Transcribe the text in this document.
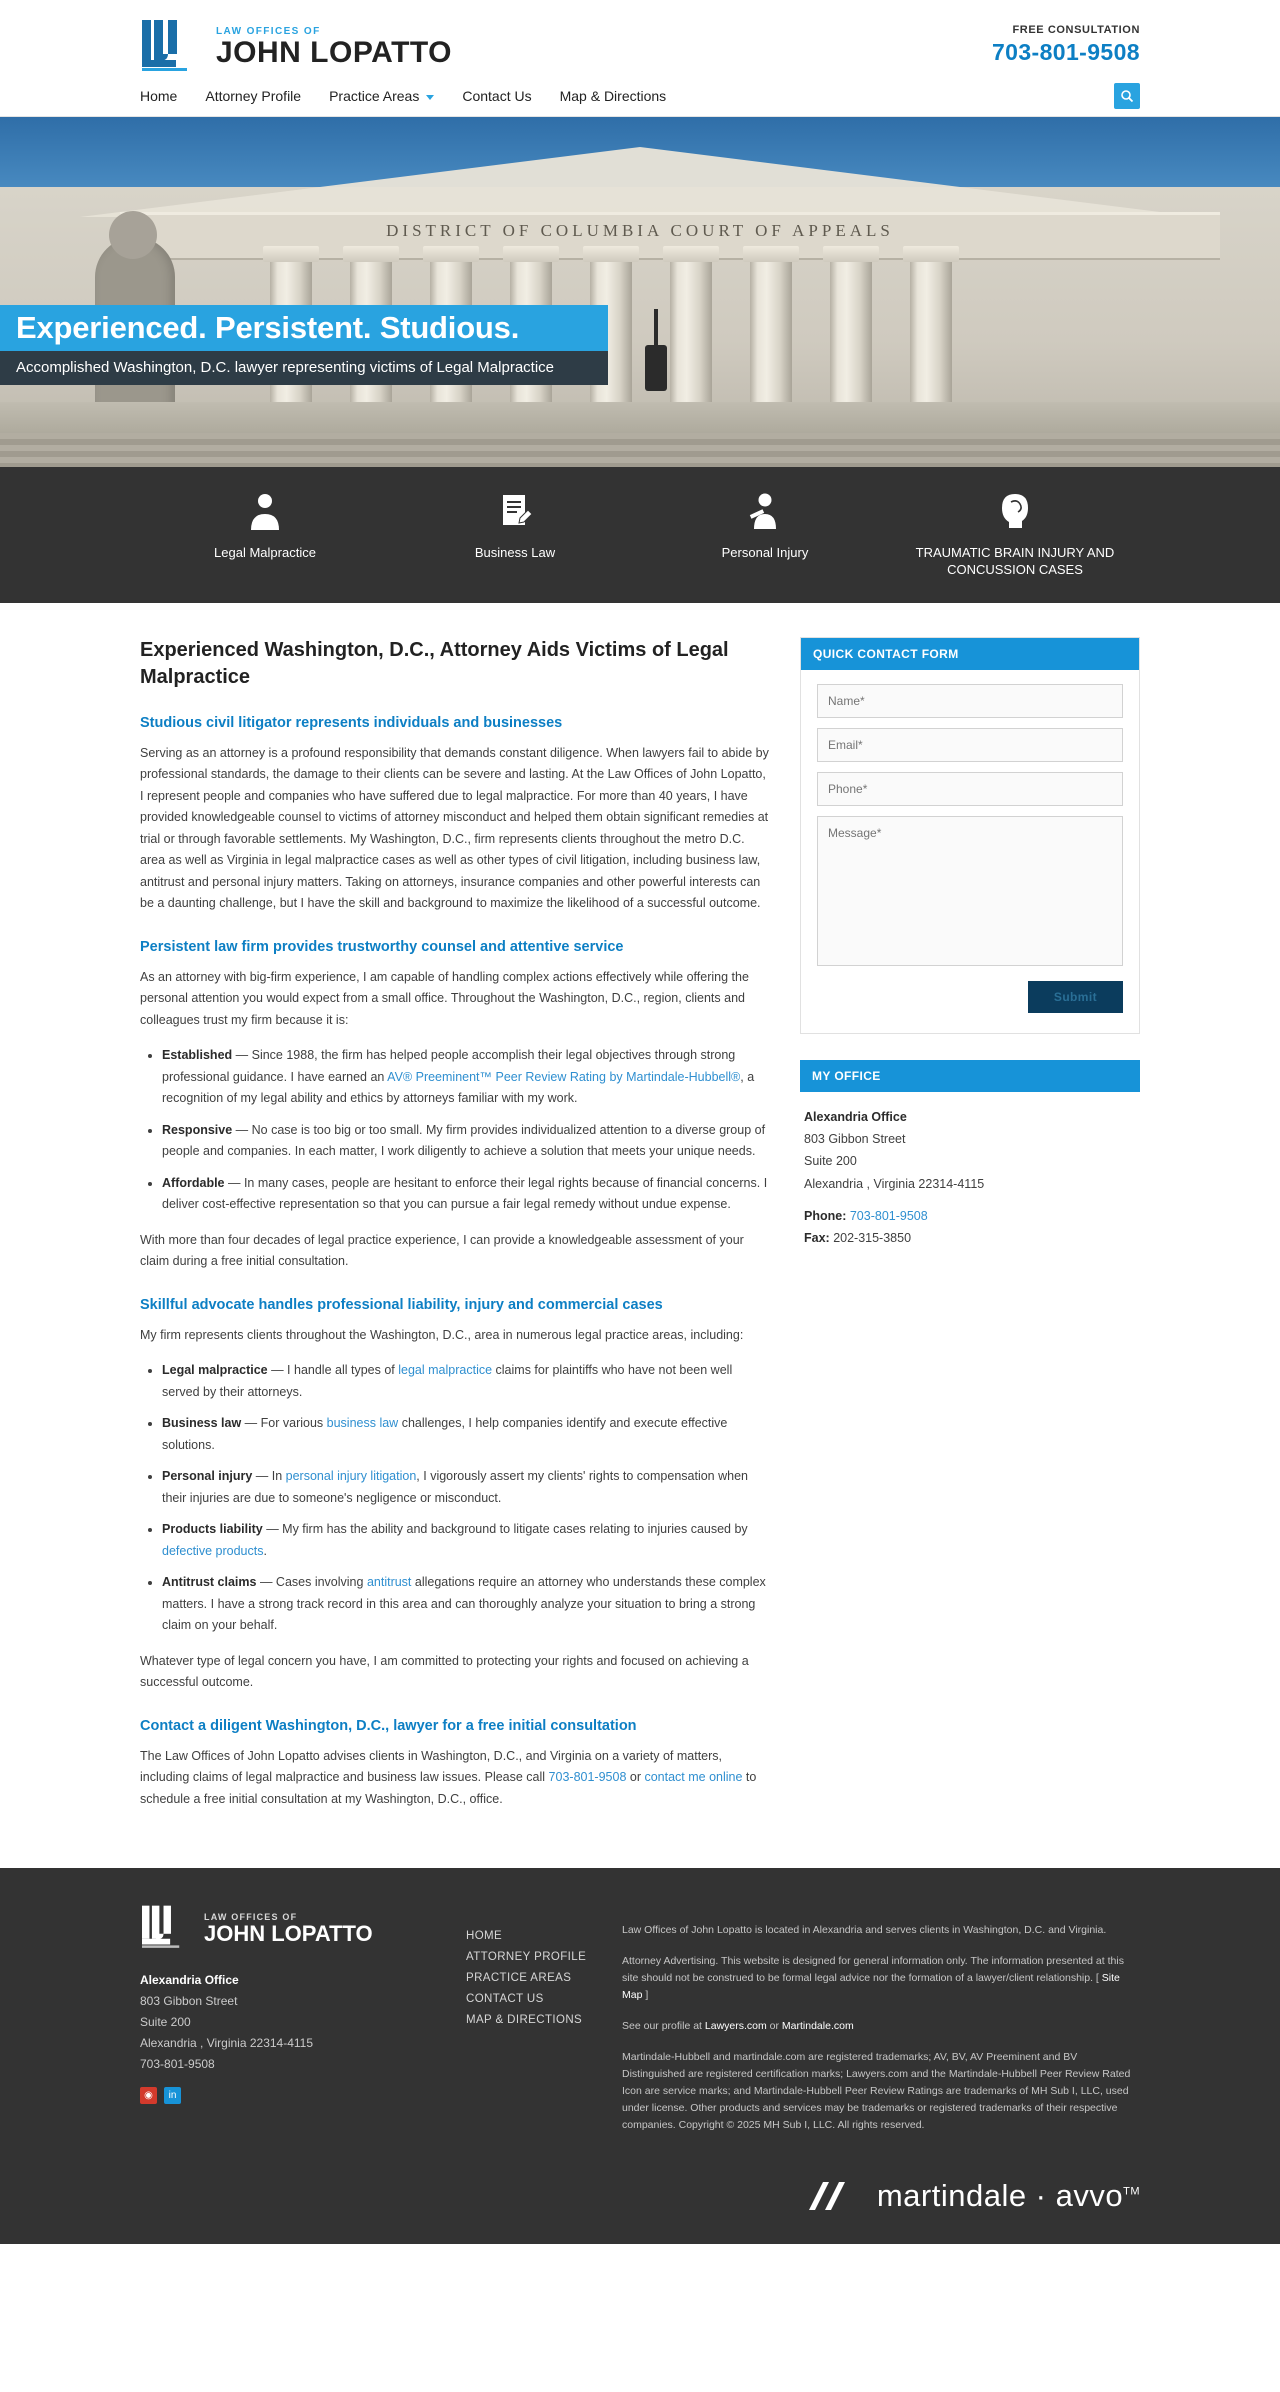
LAW OFFICES OF
JOHN LOPATTO
FREE CONSULTATION
703-801-9508
Home	Attorney Profile	Practice Areas	Contact Us	Map & Directions
DISTRICT OF COLUMBIA COURT OF APPEALS
Experienced. Persistent. Studious.
Accomplished Washington, D.C. lawyer representing victims of Legal Malpractice
Legal Malpractice	Business Law	Personal Injury	TRAUMATIC BRAIN INJURY AND CONCUSSION CASES
Experienced Washington, D.C., Attorney Aids Victims of Legal Malpractice
Studious civil litigator represents individuals and businesses

Serving as an attorney is a profound responsibility that demands constant diligence. When lawyers fail to abide by professional standards, the damage to their clients can be severe and lasting. At the Law Offices of John Lopatto, I represent people and companies who have suffered due to legal malpractice. For more than 40 years, I have provided knowledgeable counsel to victims of attorney misconduct and helped them obtain significant remedies at trial or through favorable settlements. My Washington, D.C., firm represents clients throughout the metro D.C. area as well as Virginia in legal malpractice cases as well as other types of civil litigation, including business law, antitrust and personal injury matters. Taking on attorneys, insurance companies and other powerful interests can be a daunting challenge, but I have the skill and background to maximize the likelihood of a successful outcome.

Persistent law firm provides trustworthy counsel and attentive service

As an attorney with big-firm experience, I am capable of handling complex actions effectively while offering the personal attention you would expect from a small office. Throughout the Washington, D.C., region, clients and colleagues trust my firm because it is:

• Established — Since 1988, the firm has helped people accomplish their legal objectives through strong professional guidance. I have earned an AV® Preeminent™ Peer Review Rating by Martindale-Hubbell®, a recognition of my legal ability and ethics by attorneys familiar with my work.
• Responsive — No case is too big or too small. My firm provides individualized attention to a diverse group of people and companies. In each matter, I work diligently to achieve a solution that meets your unique needs.
• Affordable — In many cases, people are hesitant to enforce their legal rights because of financial concerns. I deliver cost-effective representation so that you can pursue a fair legal remedy without undue expense.

With more than four decades of legal practice experience, I can provide a knowledgeable assessment of your claim during a free initial consultation.

Skillful advocate handles professional liability, injury and commercial cases

My firm represents clients throughout the Washington, D.C., area in numerous legal practice areas, including:

• Legal malpractice — I handle all types of legal malpractice claims for plaintiffs who have not been well served by their attorneys.
• Business law — For various business law challenges, I help companies identify and execute effective solutions.
• Personal injury — In personal injury litigation, I vigorously assert my clients' rights to compensation when their injuries are due to someone's negligence or misconduct.
• Products liability — My firm has the ability and background to litigate cases relating to injuries caused by defective products.
• Antitrust claims — Cases involving antitrust allegations require an attorney who understands these complex matters. I have a strong track record in this area and can thoroughly analyze your situation to bring a strong claim on your behalf.

Whatever type of legal concern you have, I am committed to protecting your rights and focused on achieving a successful outcome.

Contact a diligent Washington, D.C., lawyer for a free initial consultation

The Law Offices of John Lopatto advises clients in Washington, D.C., and Virginia on a variety of matters, including claims of legal malpractice and business law issues. Please call 703-801-9508 or contact me online to schedule a free initial consultation at my Washington, D.C., office.

QUICK CONTACT FORM
Name* Email* Phone* Message*
Submit
MY OFFICE
Alexandria Office
803 Gibbon Street
Suite 200
Alexandria , Virginia 22314-4115
Phone: 703-801-9508
Fax: 202-315-3850
LAW OFFICES OF
JOHN LOPATTO
Alexandria Office
803 Gibbon Street
Suite 200
Alexandria , Virginia 22314-4115
703-801-9508
◉	in
HOME
ATTORNEY PROFILE
PRACTICE AREAS
CONTACT US
MAP & DIRECTIONS

Law Offices of John Lopatto is located in Alexandria and serves clients in Washington, D.C. and Virginia.

Attorney Advertising. This website is designed for general information only. The information presented at this site should not be construed to be formal legal advice nor the formation of a lawyer/client relationship. [ Site Map ]

See our profile at Lawyers.com or Martindale.com

Martindale-Hubbell and martindale.com are registered trademarks; AV, BV, AV Preeminent and BV Distinguished are registered certification marks; Lawyers.com and the Martindale-Hubbell Peer Review Rated Icon are service marks; and Martindale-Hubbell Peer Review Ratings are trademarks of MH Sub I, LLC, used under license. Other products and services may be trademarks or registered trademarks of their respective companies. Copyright © 2025 MH Sub I, LLC. All rights reserved.

martindale · avvo™
